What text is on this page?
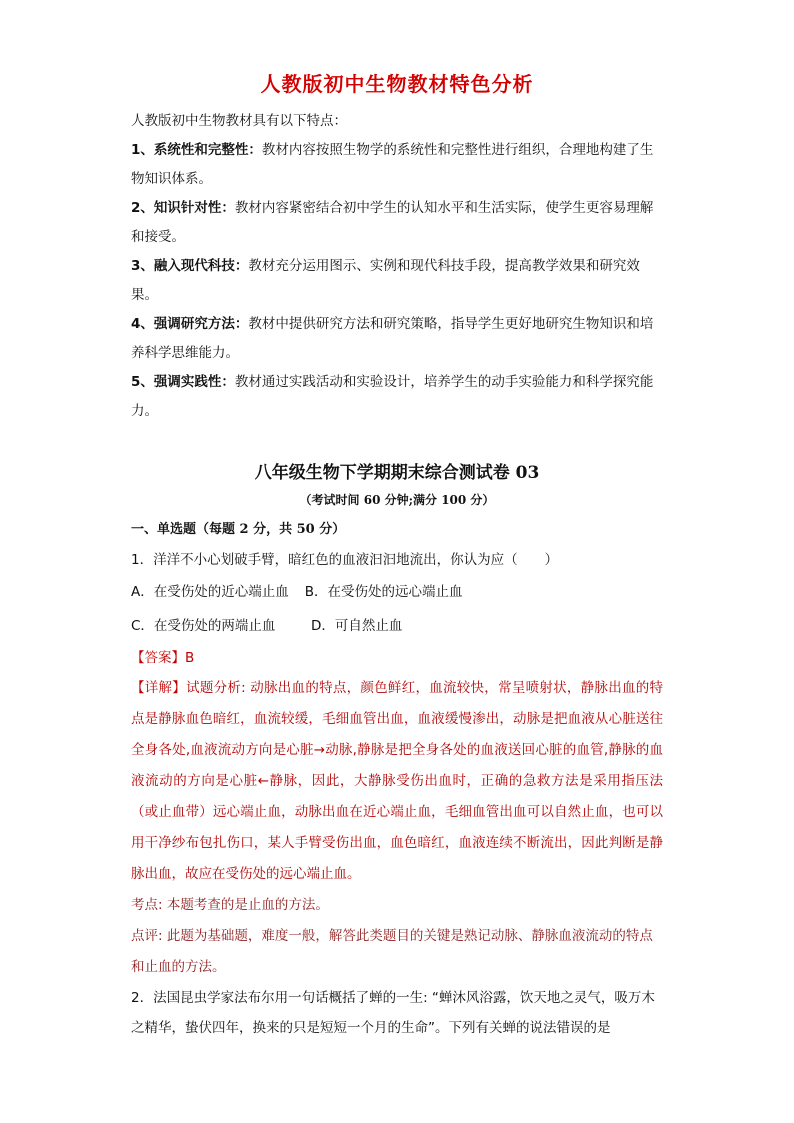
人教版初中生物教材特色分析

人教版初中生物教材具有以下特点：

1、系统性和完整性：教材内容按照生物学的系统性和完整性进行组织，合理地构建了生物知识体系。

2、知识针对性：教材内容紧密结合初中学生的认知水平和生活实际，使学生更容易理解和接受。

3、融入现代科技：教材充分运用图示、实例和现代科技手段，提高教学效果和研究效果。

4、强调研究方法：教材中提供研究方法和研究策略，指导学生更好地研究生物知识和培养科学思维能力。

5、强调实践性：教材通过实践活动和实验设计，培养学生的动手实验能力和科学探究能力。

八年级生物下学期期末综合测试卷 03
（考试时间 60 分钟;满分 100 分）

一、单选题（每题 2 分，共 50 分）

1．洋洋不小心划破手臂，暗红色的血液汩汩地流出，你认为应（　　）

A．在受伤处的近心端止血 B．在受伤处的远心端止血
C．在受伤处的两端止血	D．可自然止血

【答案】B

【详解】试题分析: 动脉出血的特点，颜色鲜红，血流较快，常呈喷射状，静脉出血的特点是静脉血色暗红，血流较缓，毛细血管出血，血液缓慢渗出，动脉是把血液从心脏送往全身各处,血液流动方向是心脏→动脉,静脉是把全身各处的血液送回心脏的血管,静脉的血液流动的方向是心脏←静脉，因此，大静脉受伤出血时，正确的急救方法是采用指压法（或止血带）远心端止血，动脉出血在近心端止血，毛细血管出血可以自然止血，也可以用干净纱布包扎伤口，某人手臂受伤出血，血色暗红，血液连续不断流出，因此判断是静脉出血，故应在受伤处的远心端止血。

考点: 本题考查的是止血的方法。

点评: 此题为基础题，难度一般，解答此类题目的关键是熟记动脉、静脉血液流动的特点和止血的方法。

2．法国昆虫学家法布尔用一句话概括了蝉的一生: “蝉沐风浴露，饮天地之灵气，吸万木之精华，蛰伏四年，换来的只是短短一个月的生命”。下列有关蝉的说法错误的是
